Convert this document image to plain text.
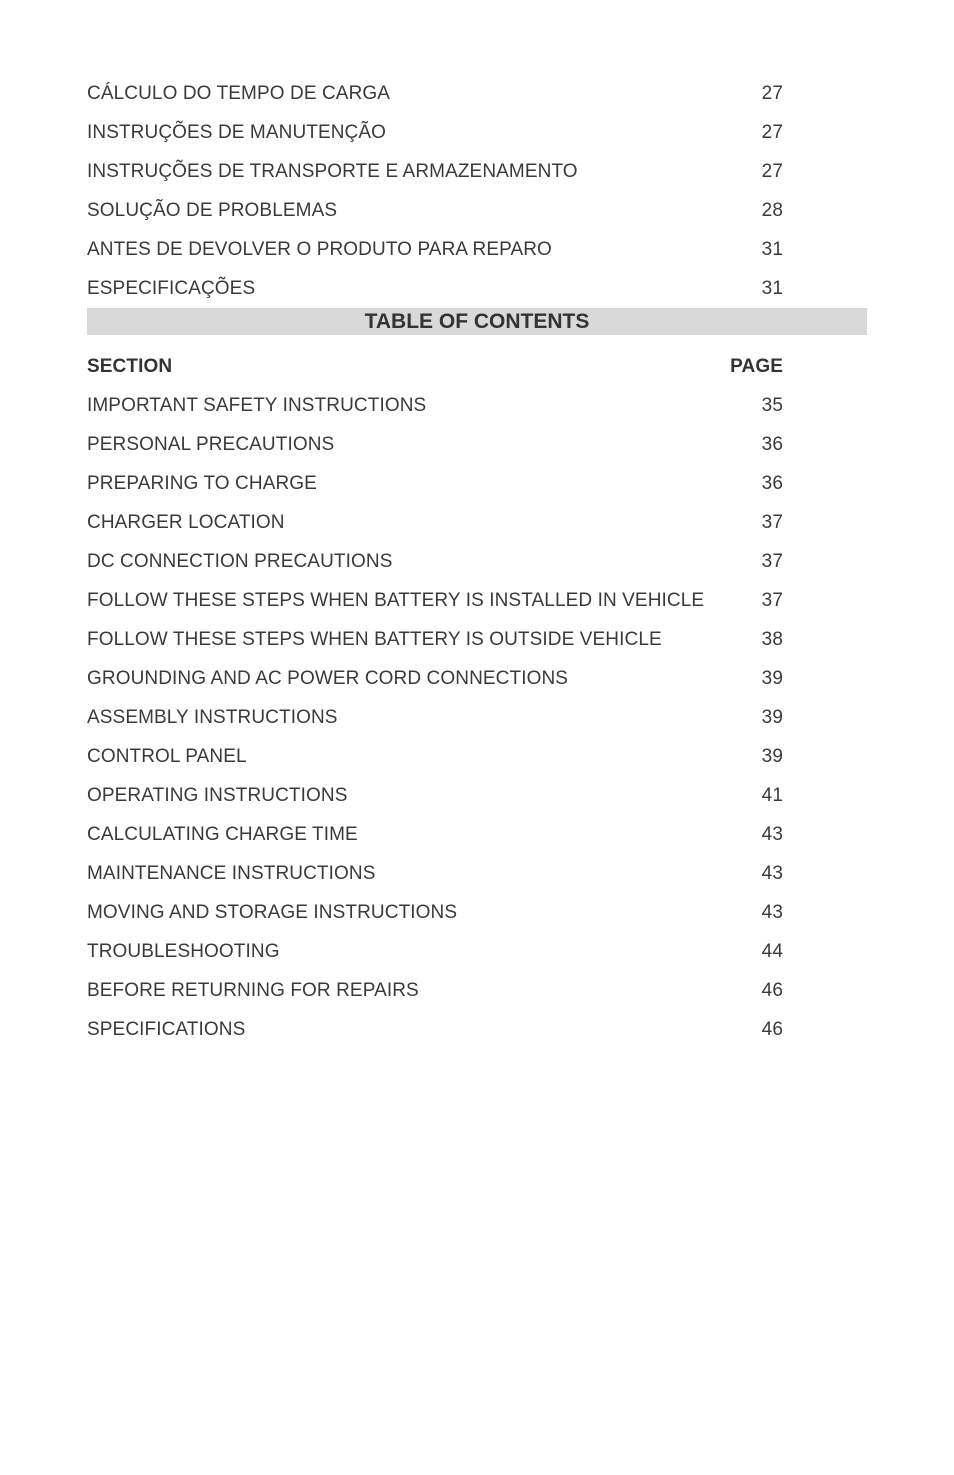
CÁLCULO DO TEMPO DE CARGA	27
INSTRUÇÕES DE MANUTENÇÃO	27
INSTRUÇÕES DE TRANSPORTE E ARMAZENAMENTO	27
SOLUÇÃO DE PROBLEMAS	28
ANTES DE DEVOLVER O PRODUTO PARA REPARO	31
ESPECIFICAÇÕES	31
TABLE OF CONTENTS
SECTION	PAGE
IMPORTANT SAFETY INSTRUCTIONS	35
PERSONAL PRECAUTIONS	36
PREPARING TO CHARGE	36
CHARGER LOCATION	37
DC CONNECTION PRECAUTIONS	37
FOLLOW THESE STEPS WHEN BATTERY IS INSTALLED IN VEHICLE	37
FOLLOW THESE STEPS WHEN BATTERY IS OUTSIDE VEHICLE	38
GROUNDING AND AC POWER CORD CONNECTIONS	39
ASSEMBLY INSTRUCTIONS	39
CONTROL PANEL	39
OPERATING INSTRUCTIONS	41
CALCULATING CHARGE TIME	43
MAINTENANCE INSTRUCTIONS	43
MOVING AND STORAGE INSTRUCTIONS	43
TROUBLESHOOTING	44
BEFORE RETURNING FOR REPAIRS	46
SPECIFICATIONS	46
